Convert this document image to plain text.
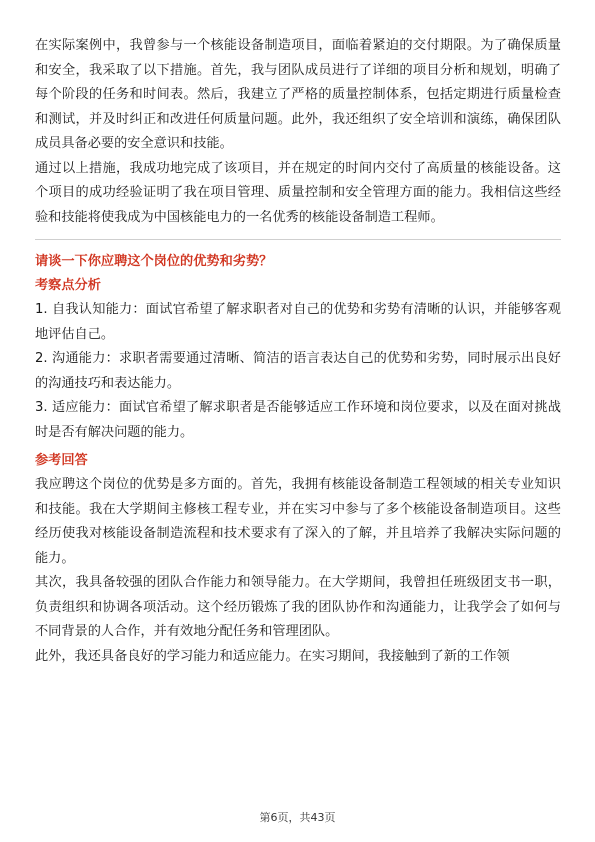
在实际案例中，我曾参与一个核能设备制造项目，面临着紧迫的交付期限。为了确保质量和安全，我采取了以下措施。首先，我与团队成员进行了详细的项目分析和规划，明确了每个阶段的任务和时间表。然后，我建立了严格的质量控制体系，包括定期进行质量检查和测试，并及时纠正和改进任何质量问题。此外，我还组织了安全培训和演练，确保团队成员具备必要的安全意识和技能。

通过以上措施，我成功地完成了该项目，并在规定的时间内交付了高质量的核能设备。这个项目的成功经验证明了我在项目管理、质量控制和安全管理方面的能力。我相信这些经验和技能将使我成为中国核能电力的一名优秀的核能设备制造工程师。

请谈一下你应聘这个岗位的优势和劣势？

考察点分析

1. 自我认知能力：面试官希望了解求职者对自己的优势和劣势有清晰的认识，并能够客观地评估自己。

2. 沟通能力：求职者需要通过清晰、简洁的语言表达自己的优势和劣势，同时展示出良好的沟通技巧和表达能力。

3. 适应能力：面试官希望了解求职者是否能够适应工作环境和岗位要求，以及在面对挑战时是否有解决问题的能力。

参考回答

我应聘这个岗位的优势是多方面的。首先，我拥有核能设备制造工程领域的相关专业知识和技能。我在大学期间主修核工程专业，并在实习中参与了多个核能设备制造项目。这些经历使我对核能设备制造流程和技术要求有了深入的了解，并且培养了我解决实际问题的能力。

其次，我具备较强的团队合作能力和领导能力。在大学期间，我曾担任班级团支书一职，负责组织和协调各项活动。这个经历锻炼了我的团队协作和沟通能力，让我学会了如何与不同背景的人合作，并有效地分配任务和管理团队。

此外，我还具备良好的学习能力和适应能力。在实习期间，我接触到了新的工作领

第6页，共43页
